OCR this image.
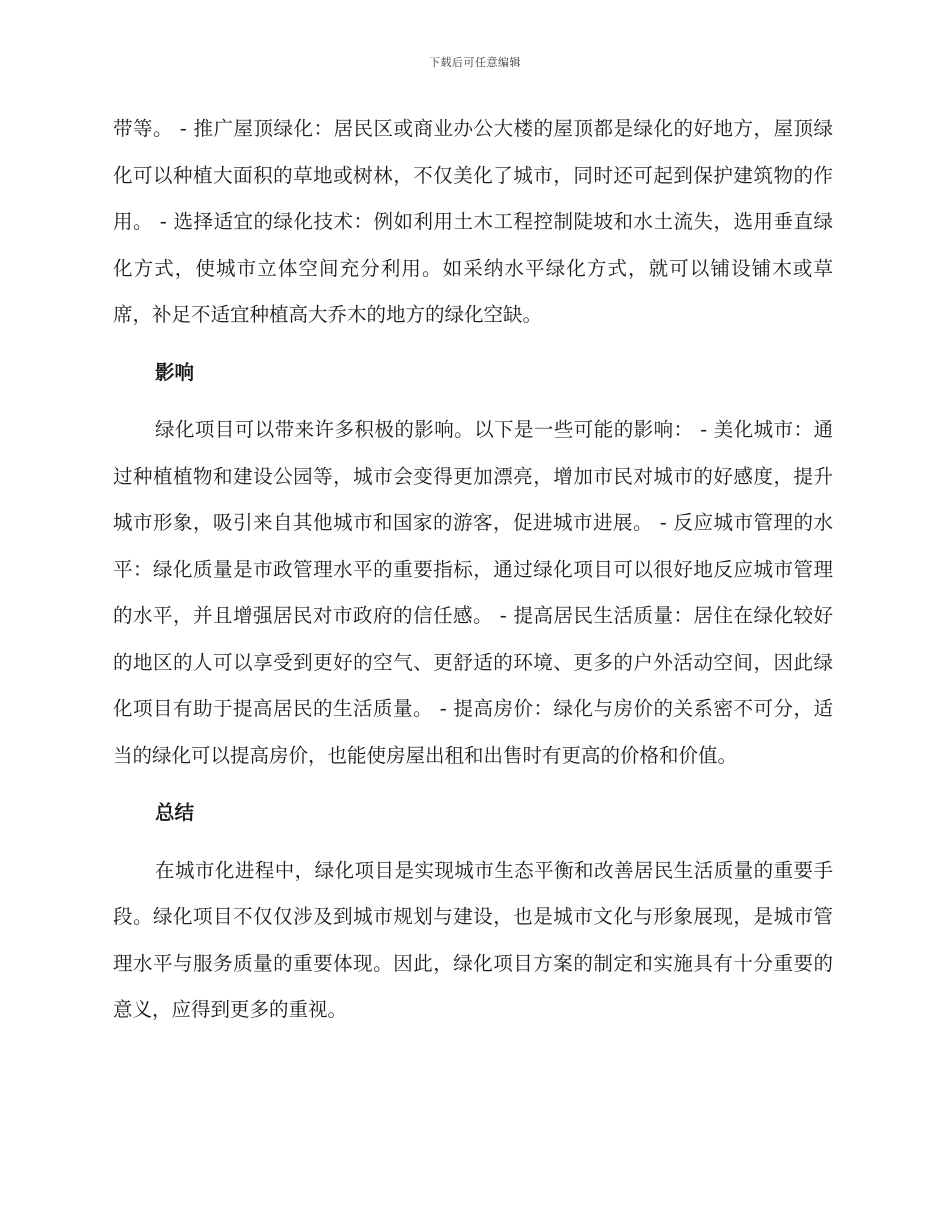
下载后可任意编辑

带等。 - 推广屋顶绿化：居民区或商业办公大楼的屋顶都是绿化的好地方，屋顶绿化可以种植大面积的草地或树林，不仅美化了城市，同时还可起到保护建筑物的作用。 - 选择适宜的绿化技术：例如利用土木工程控制陡坡和水土流失，选用垂直绿化方式，使城市立体空间充分利用。如采纳水平绿化方式，就可以铺设铺木或草席，补足不适宜种植高大乔木的地方的绿化空缺。

影响

绿化项目可以带来许多积极的影响。以下是一些可能的影响： - 美化城市：通过种植植物和建设公园等，城市会变得更加漂亮，增加市民对城市的好感度，提升城市形象，吸引来自其他城市和国家的游客，促进城市进展。 - 反应城市管理的水平：绿化质量是市政管理水平的重要指标，通过绿化项目可以很好地反应城市管理的水平，并且增强居民对市政府的信任感。 - 提高居民生活质量：居住在绿化较好的地区的人可以享受到更好的空气、更舒适的环境、更多的户外活动空间，因此绿化项目有助于提高居民的生活质量。 - 提高房价：绿化与房价的关系密不可分，适当的绿化可以提高房价，也能使房屋出租和出售时有更高的价格和价值。

总结

在城市化进程中，绿化项目是实现城市生态平衡和改善居民生活质量的重要手段。绿化项目不仅仅涉及到城市规划与建设，也是城市文化与形象展现，是城市管理水平与服务质量的重要体现。因此，绿化项目方案的制定和实施具有十分重要的意义，应得到更多的重视。
